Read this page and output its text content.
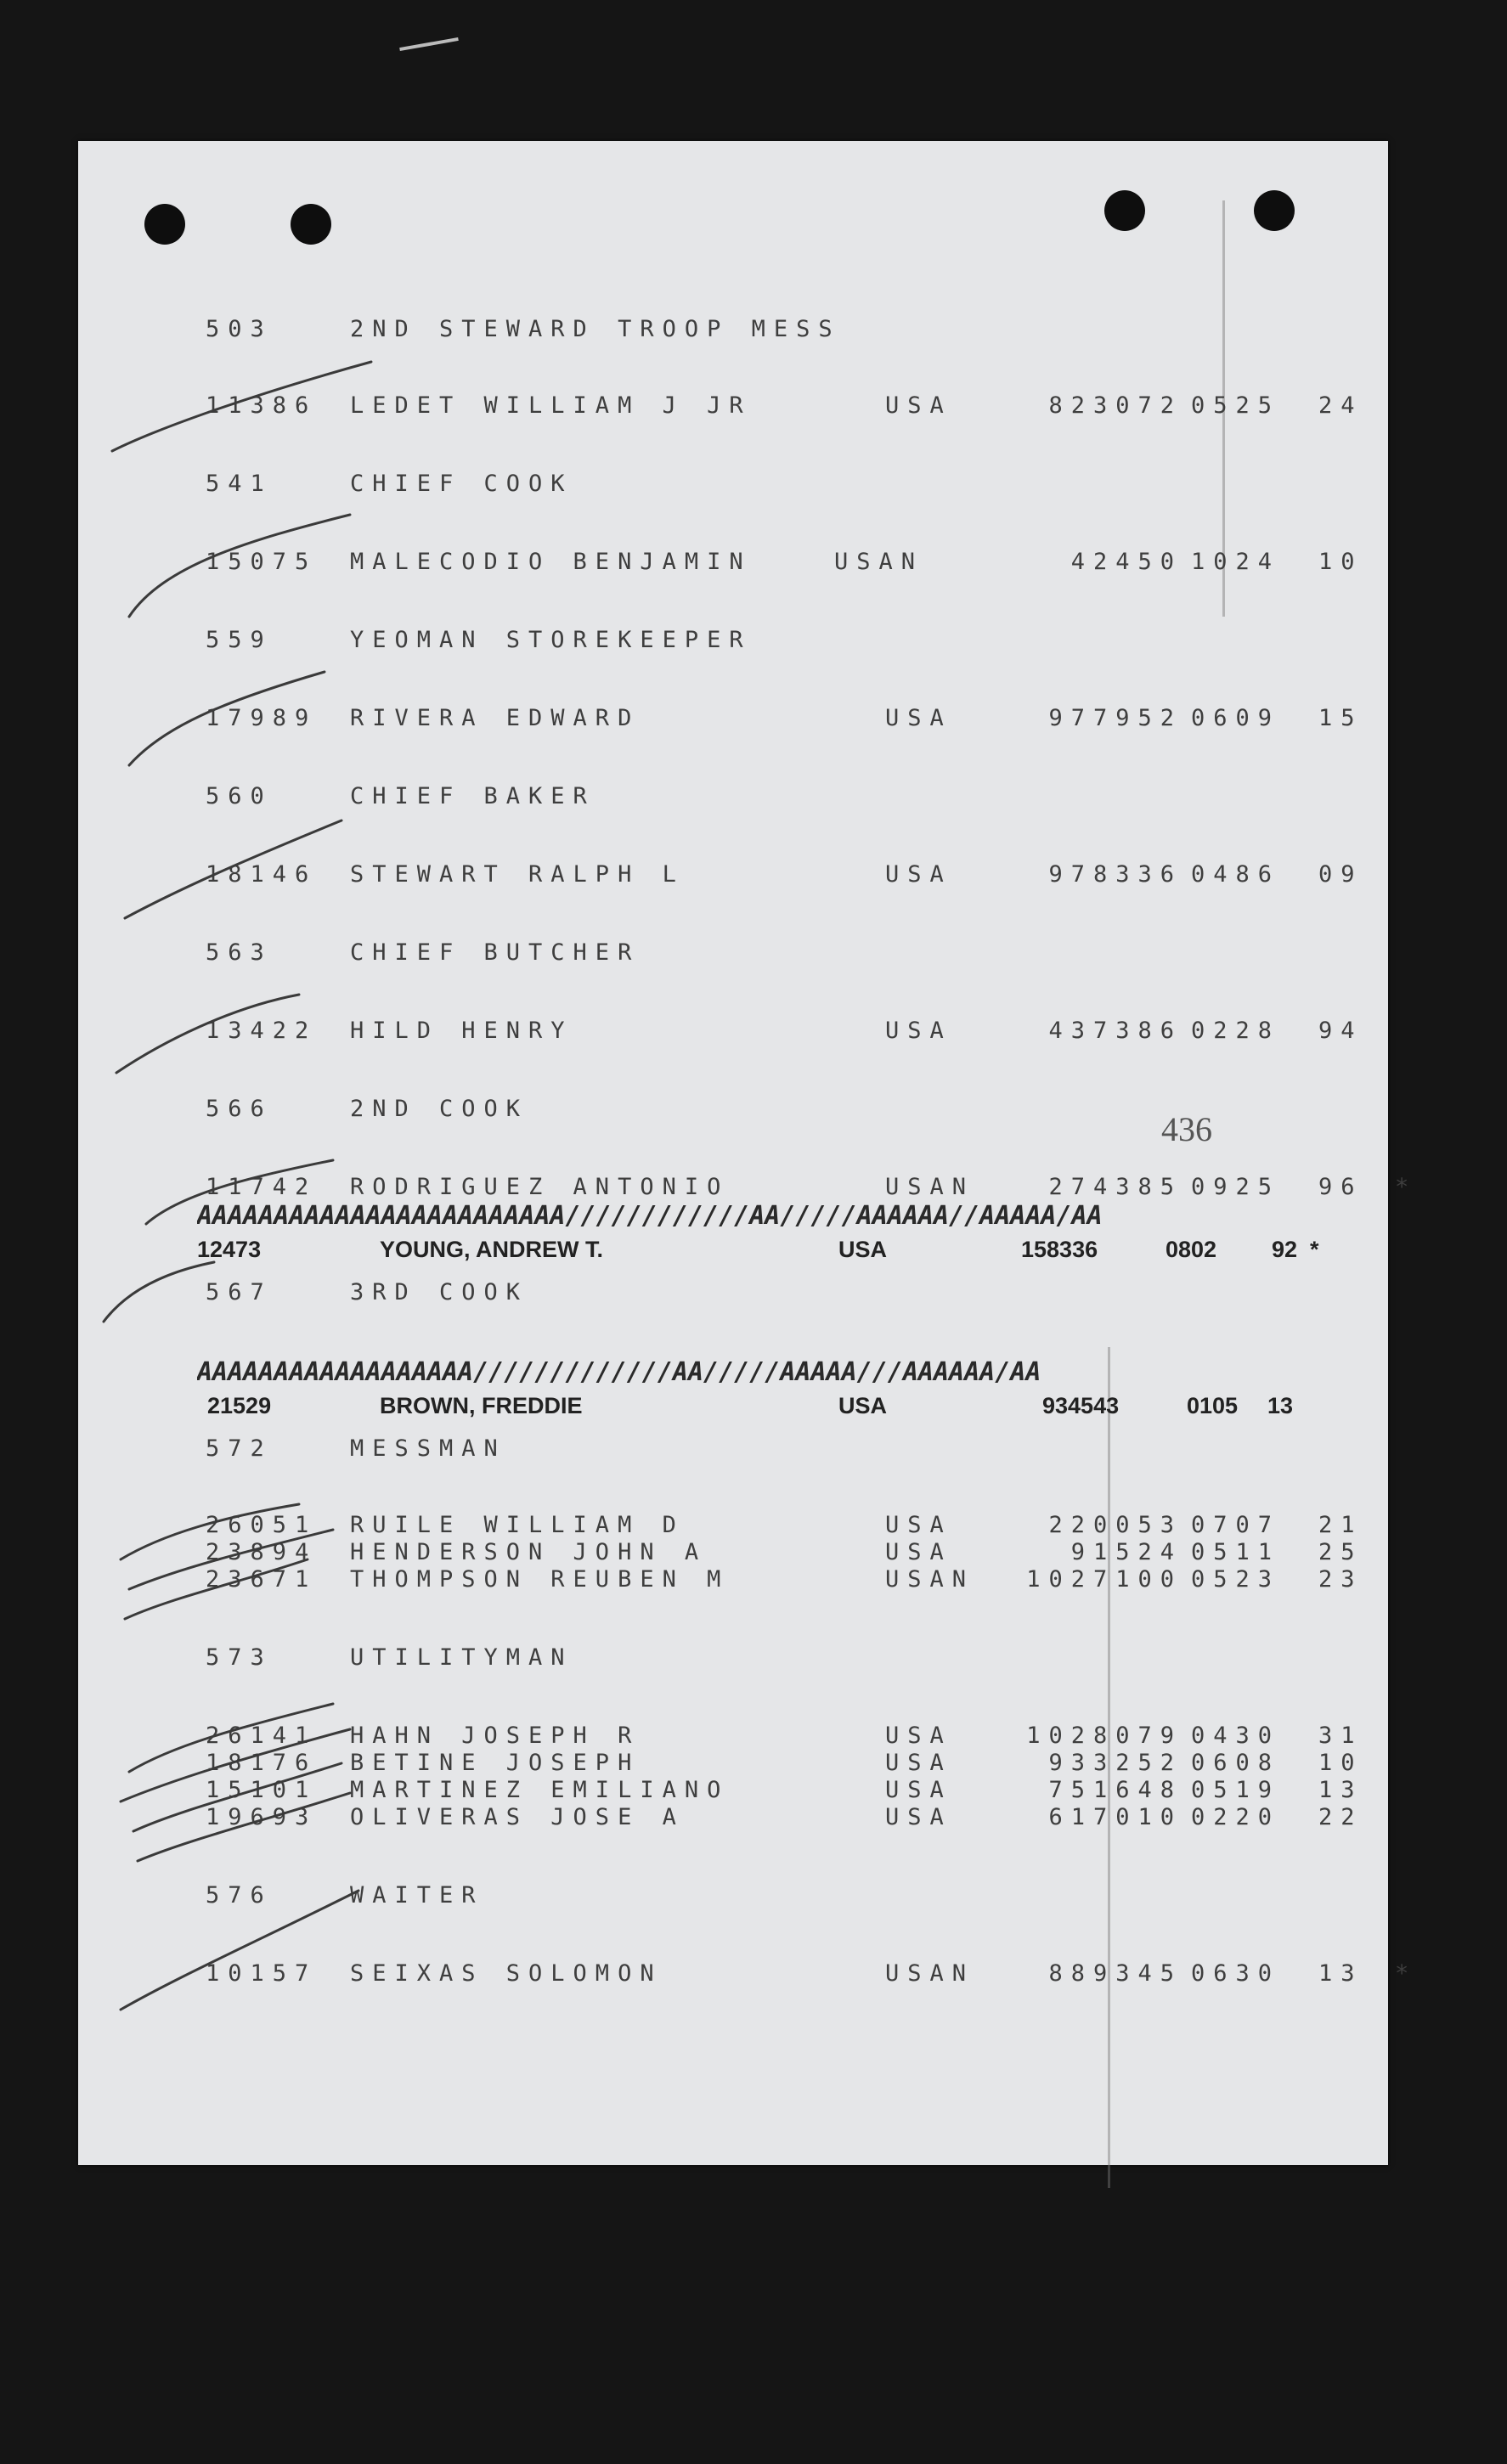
503	2ND STEWARD TROOP MESS
11386 LEDET WILLIAM J JR	USA	823072 0525 24
541	CHIEF COOK
15075 MALECODIO BENJAMIN	USAN	42450 1024 10
559	YEOMAN STOREKEEPER
17989 RIVERA EDWARD	USA	977952 0609 15
560	CHIEF BAKER
18146 STEWART RALPH L	USA	978336 0486 09
563	CHIEF BUTCHER
13422 HILD HENRY	USA	437386 0228 94
566	2ND COOK
436
11742 RODRIGUEZ ANTONIO	USAN	274385 0925 96 *
AAAAAAAAAAAAAAAAAAAAAAAA////////////AA/////AAAAAA//AAAAA/AA
12473	YOUNG, ANDREW T.	USA	158336	0802 92 *
567	3RD COOK
AAAAAAAAAAAAAAAAAA/////////////AA/////AAAAA///AAAAAA/AA
21529	BROWN, FREDDIE	USA	934543	0105 13
572	MESSMAN
26051 RUILE WILLIAM D	USA	220053 0707 21
23894 HENDERSON JOHN A	USA	91524 0511 25
23671 THOMPSON REUBEN M	USAN	1027100 0523 23
573	UTILITYMAN
26141 HAHN JOSEPH R	USA	1028079 0430 31
18176 BETINE JOSEPH	USA	933252 0608 10
15101 MARTINEZ EMILIANO	USA	751648 0519 13
19693 OLIVERAS JOSE A	USA	617010 0220 22
576	WAITER
10157 SEIXAS SOLOMON	USAN	889345 0630 13 *
